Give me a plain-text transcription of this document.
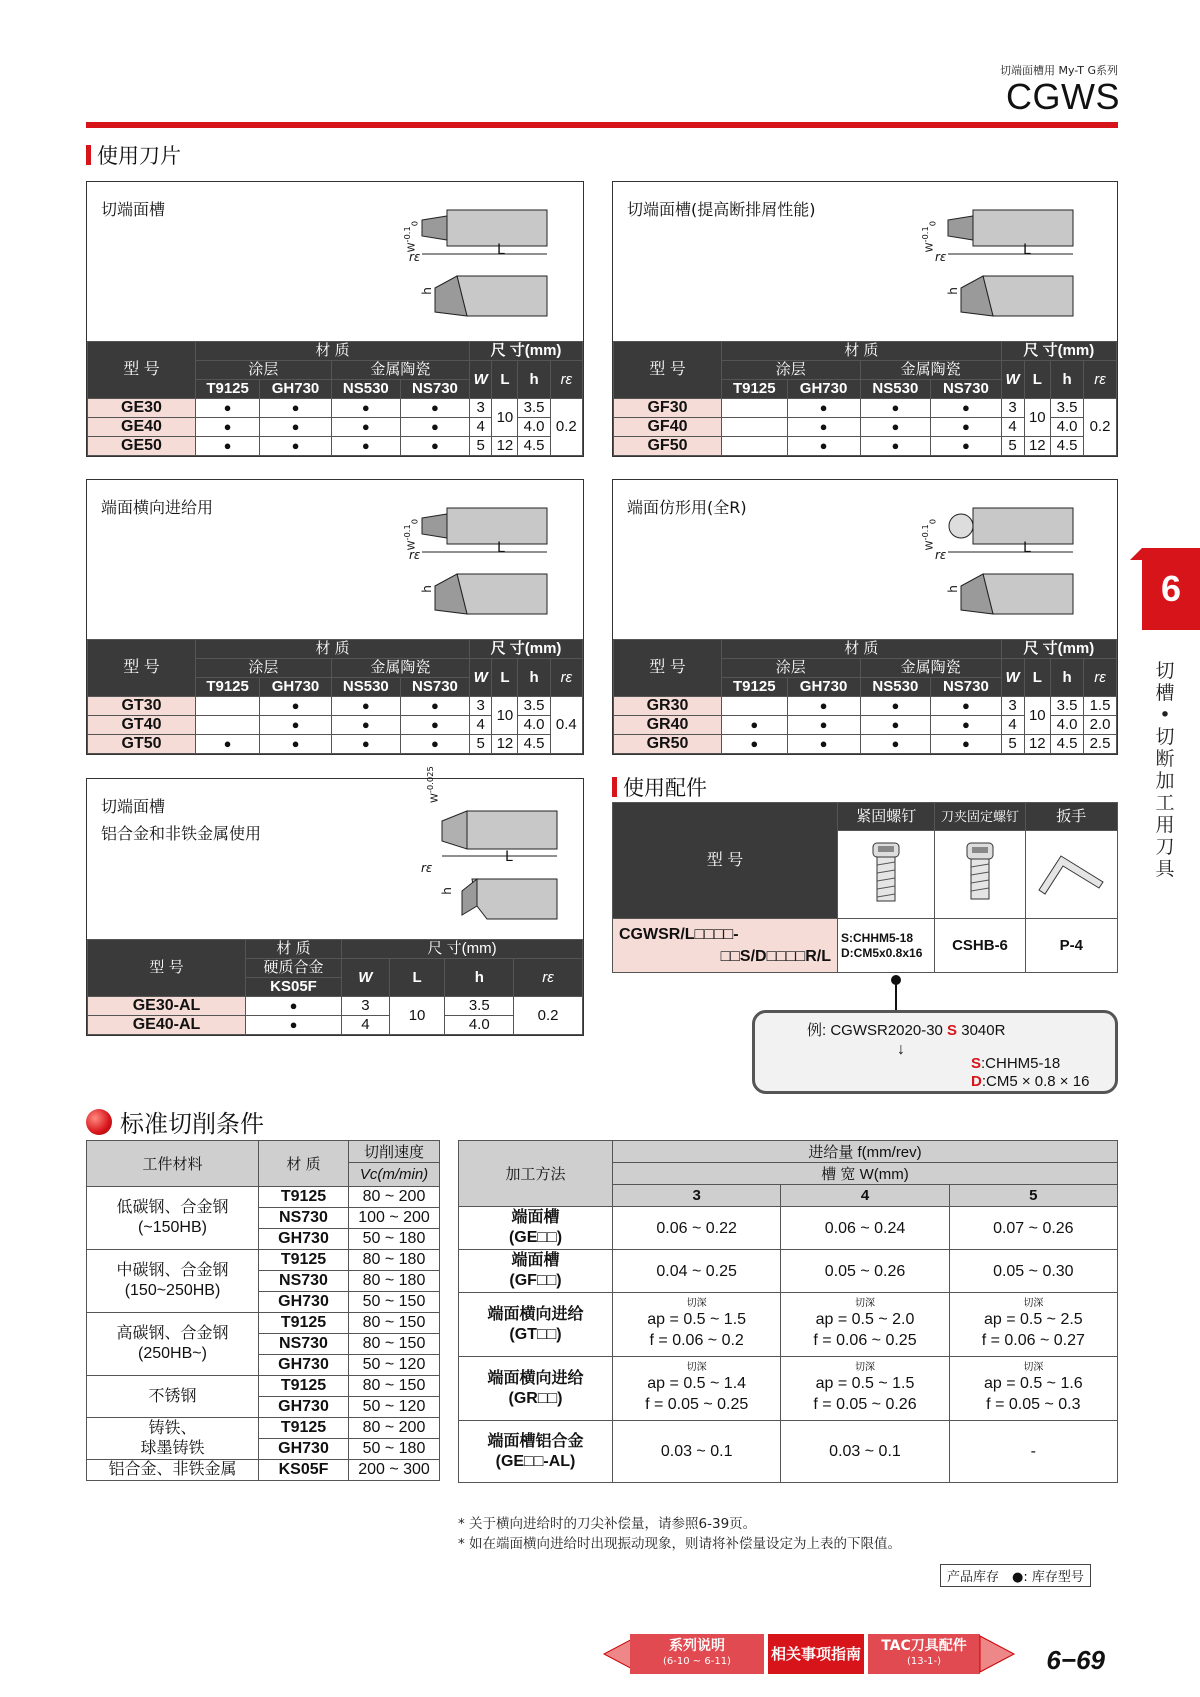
切端面槽用 My-T G系列
CGWS
使用刀片
切端面槽
$W^{-0.1}_0$
L
rε
h
型 号	材 质				尺 寸(mm)			
	涂层		金属陶瓷		W	L	h	rε
	T9125	GH730	NS530	NS730				
GE30	●	●	●	●	3	10	3.5	0.2
GE40	●	●	●	●	4		4.0	
GE50	●	●	●	●	5	12	4.5	
切端面槽(提高断排屑性能)
$W^{-0.1}_0$
L
rε
h
型 号	材 质				尺 寸(mm)			
	涂层		金属陶瓷		W	L	h	rε
	T9125	GH730	NS530	NS730				
GF30		●	●	●	3	10	3.5	0.2
GF40		●	●	●	4		4.0	
GF50		●	●	●	5	12	4.5	
端面横向进给用
$W^{-0.1}_0$
L
rε
h
型 号	材 质				尺 寸(mm)			
	涂层		金属陶瓷		W	L	h	rε
	T9125	GH730	NS530	NS730				
GT30		●	●	●	3	10	3.5	0.4
GT40		●	●	●	4		4.0	
GT50	●	●	●	●	5	12	4.5	
端面仿形用(全R)
$W^{-0.1}_0$
L
rε
h
型 号	材 质				尺 寸(mm)			
	涂层		金属陶瓷		W	L	h	rε
	T9125	GH730	NS530	NS730				
GR30		●	●	●	3	10	3.5	1.5
GR40	●	●	●	●	4		4.0	2.0
GR50	●	●	●	●	5	12	4.5	2.5
切端面槽
铝合金和非铁金属使用
$W^{-0.025}$
L
rε
h
型 号	材 质	尺 寸(mm)			
	硬质合金	W	L	h	rε
	KS05F				
GE30-AL	●	3	10	3.5	0.2
GE40-AL	●	4		4.0	
使用配件
型 号	紧固螺钉	刀夹固定螺钉	扳手

CGWSR/L□□□□-

□□S/D□□□□R/L	S:CHHM5-18
D:CM5x0.8x16	CSHB-6	P-4
例: CGWSR2020-30 S 3040R
↓
S:CHHM5-18
D:CM5 × 0.8 × 16
6
切槽•切断加工用刀具
标准切削条件
工件材料	材 质	切削速度
		Vc(m/min)
低碳钢、合金钢
(~150HB)	T9125	80 ~ 200
	NS730	100 ~ 200
	GH730	50 ~ 180
中碳钢、合金钢
(150~250HB)	T9125	80 ~ 180
	NS730	80 ~ 180
	GH730	50 ~ 150
高碳钢、合金钢
(250HB~)	T9125	80 ~ 150
	NS730	80 ~ 150
	GH730	50 ~ 120
不锈钢	T9125	80 ~ 150
	GH730	50 ~ 120
铸铁、
球墨铸铁	T9125	80 ~ 200
	GH730	50 ~ 180
铝合金、非铁金属	KS05F	200 ~ 300
加工方法	进给量 f(mm/rev)		
	槽 宽 W(mm)		
	3	4	5
端面槽
(GE□□)	0.06 ~ 0.22	0.06 ~ 0.24	0.07 ~ 0.26
端面槽
(GF□□)	0.04 ~ 0.25	0.05 ~ 0.26	0.05 ~ 0.30
端面横向进给
(GT□□)	切深
ap = 0.5 ~ 1.5
f = 0.06 ~ 0.2	切深
ap = 0.5 ~ 2.0
f = 0.06 ~ 0.25	切深
ap = 0.5 ~ 2.5
f = 0.06 ~ 0.27
端面横向进给
(GR□□)	切深
ap = 0.5 ~ 1.4
f = 0.05 ~ 0.25	切深
ap = 0.5 ~ 1.5
f = 0.05 ~ 0.26	切深
ap = 0.5 ~ 1.6
f = 0.05 ~ 0.3
端面槽铝合金
(GE□□-AL)	0.03 ~ 0.1	0.03 ~ 0.1	-
* 关于横向进给时的刀尖补偿量，请参照6-39页。
* 如在端面横向进给时出现振动现象，则请将补偿量设定为上表的下限值。
产品库存　 ●: 库存型号
系列说明
(6-10 ~ 6-11)	相关事项指南	TAC刀具配件
(13-1-)	6−69
